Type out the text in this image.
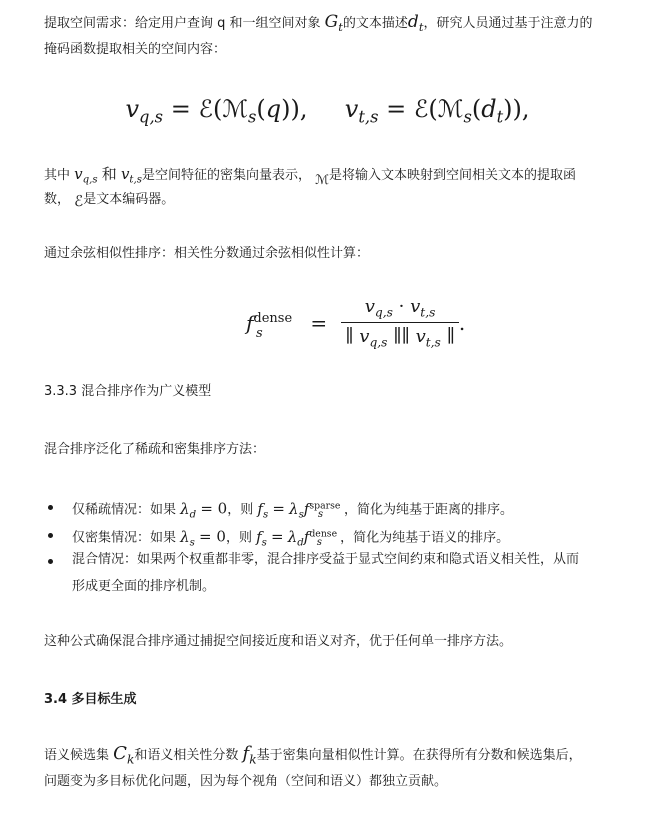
提取空间需求：给定用户查询 q 和一组空间对象 $G_t$的文本描述$d_t$，研究人员通过基于注意力的
掩码函数提取相关的空间内容：
$v_{q,s}$ = ℰ(ℳ$_s$(q)), $v_{t,s}$ = $ℰ(ℳ_s(d_t))$,
其中 $v_{q,s}$ 和 $v_{t,s}$是空间特征的密集向量表示， ℳ是将输入文本映射到空间相关文本的提取函
数， ℰ是文本编码器。
通过余弦相似性排序：相关性分数通过余弦相似性计算：
$f^{dense}$
$s = \frac{v_{q,s} \cdot v_{t,s}}{\parallel v_{q,s} \parallel\parallel v_{t,s} \parallel}$ .
3.3.3 混合排序作为广义模型
混合排序泛化了稀疏和密集排序方法：
仅稀疏情况：如果 $\lambda_d = 0$，则 $f_s = \lambda_sf^{sparse}_s$ ，简化为纯基于距离的排序。
仅密集情况：如果 $\lambda_s = 0$，则 $f_s = \lambda_df^{dense}_s$ ，简化为纯基于语义的排序。
混合情况：如果两个权重都非零，混合排序受益于显式空间约束和隐式语义相关性，从而
形成更全面的排序机制。
这种公式确保混合排序通过捕捉空间接近度和语义对齐，优于任何单一排序方法。
3.4 多目标生成
语义候选集 $C_k$和语义相关性分数 $f_k$基于密集向量相似性计算。在获得所有分数和候选集后，
问题变为多目标优化问题，因为每个视角（空间和语义）都独立贡献。
